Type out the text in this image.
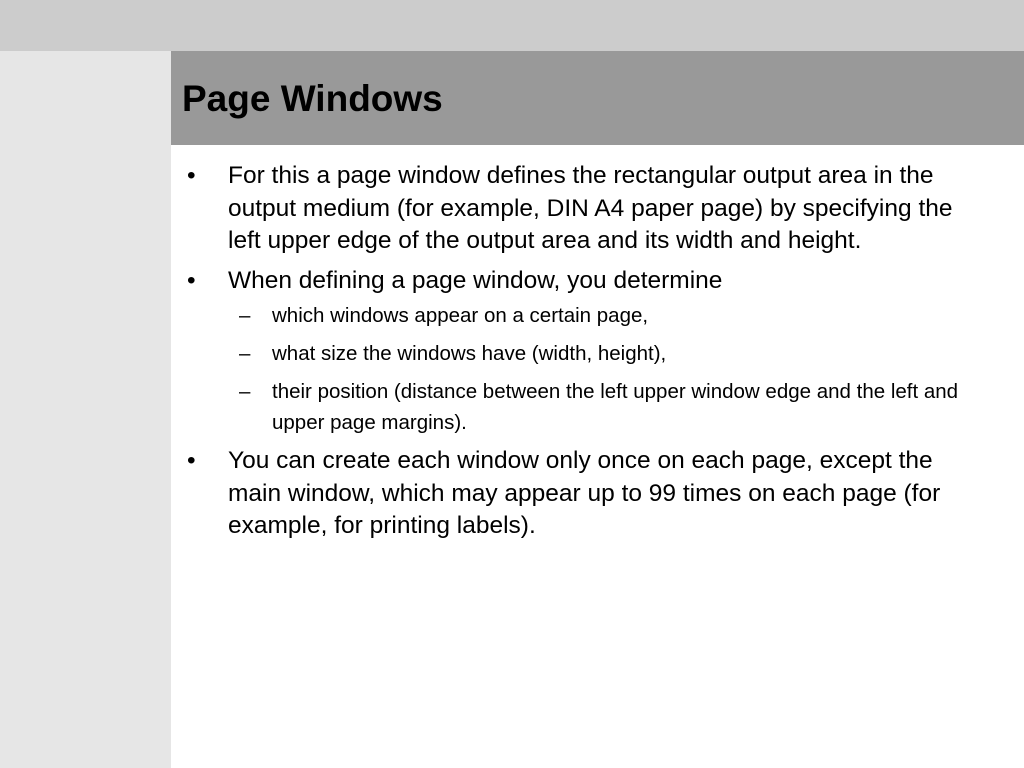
Page Windows
•	For this a page window defines the rectangular output area in the output medium (for example, DIN A4 paper page) by specifying the left upper edge of the output area and its width and height.
•	When defining a page window, you determine
–	which windows appear on a certain page,
–	what size the windows have (width, height),
–	their position (distance between the left upper window edge and the left and upper page margins).
•	You can create each window only once on each page, except the main window, which may appear up to 99 times on each page (for example, for printing labels).
